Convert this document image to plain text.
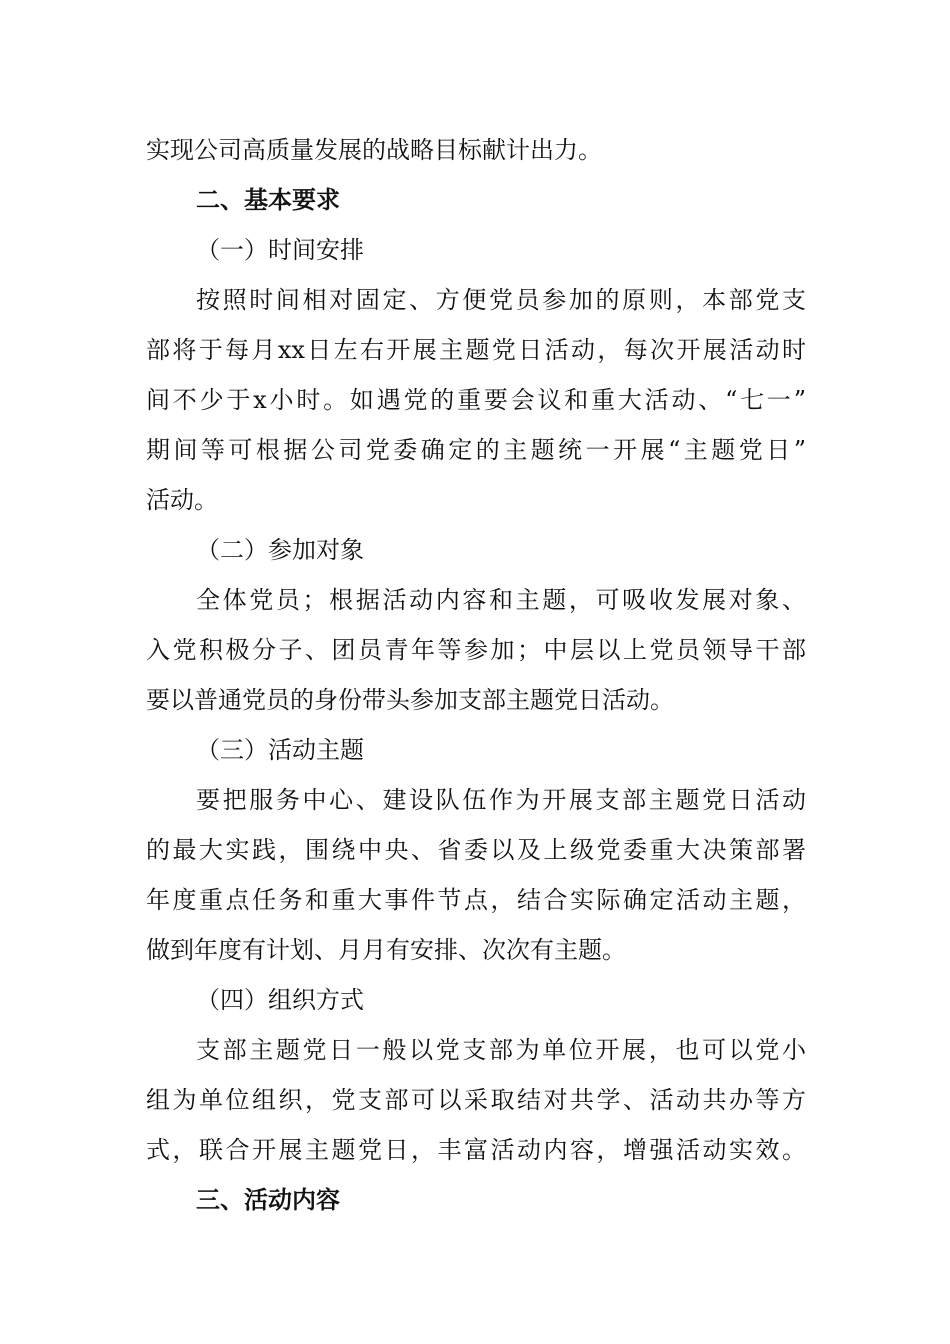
实现公司高质量发展的战略目标献计出力。
二、基本要求
（一）时间安排
按照时间相对固定、方便党员参加的原则，本部党支
部将于每月xx日左右开展主题党日活动，每次开展活动时
间不少于x小时。如遇党的重要会议和重大活动、“七一”
期间等可根据公司党委确定的主题统一开展“主题党日”
活动。
（二）参加对象
全体党员；根据活动内容和主题，可吸收发展对象、
入党积极分子、团员青年等参加；中层以上党员领导干部
要以普通党员的身份带头参加支部主题党日活动。
（三）活动主题
要把服务中心、建设队伍作为开展支部主题党日活动
的最大实践，围绕中央、省委以及上级党委重大决策部署
年度重点任务和重大事件节点，结合实际确定活动主题，
做到年度有计划、月月有安排、次次有主题。
（四）组织方式
支部主题党日一般以党支部为单位开展，也可以党小
组为单位组织，党支部可以采取结对共学、活动共办等方
式，联合开展主题党日，丰富活动内容，增强活动实效。
三、活动内容
